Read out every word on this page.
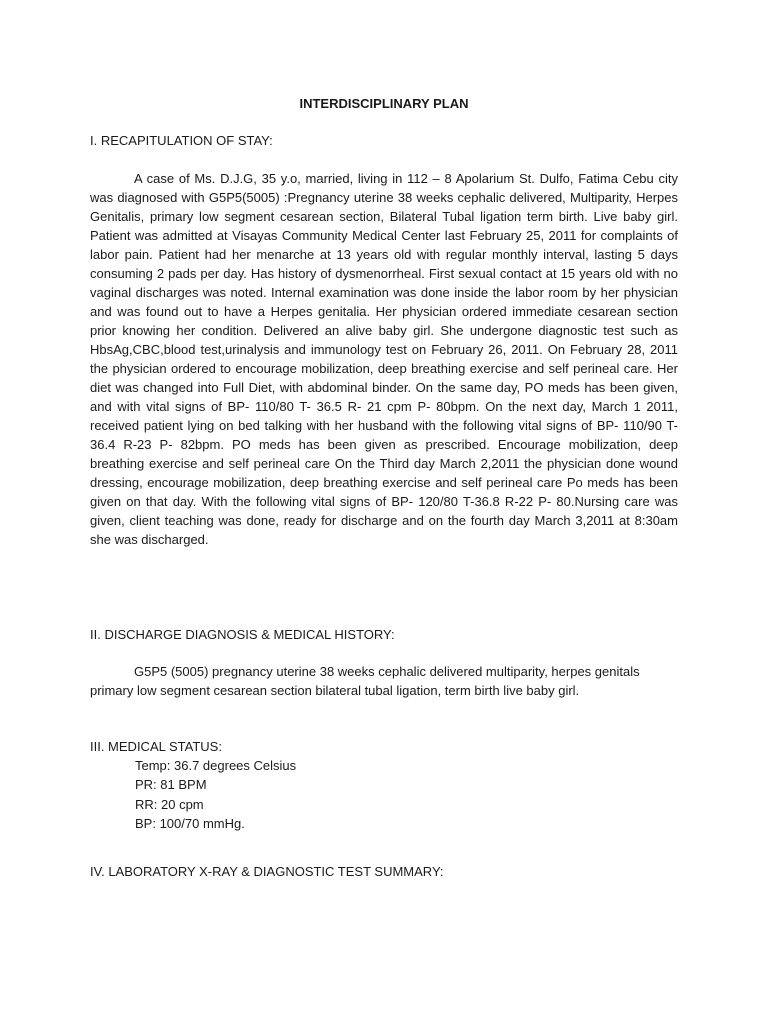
INTERDISCIPLINARY PLAN
I. RECAPITULATION OF STAY:

A case of Ms. D.J.G, 35 y.o, married, living in 112 – 8 Apolarium St. Dulfo, Fatima Cebu city was diagnosed with G5P5(5005) :Pregnancy uterine 38 weeks cephalic delivered, Multiparity, Herpes Genitalis, primary low segment cesarean section, Bilateral Tubal ligation term birth. Live baby girl. Patient was admitted at Visayas Community Medical Center last February 25, 2011 for complaints of labor pain. Patient had her menarche at 13 years old with regular monthly interval, lasting 5 days consuming 2 pads per day. Has history of dysmenorrheal. First sexual contact at 15 years old with no vaginal discharges was noted. Internal examination was done inside the labor room by her physician and was found out to have a Herpes genitalia. Her physician ordered immediate cesarean section prior knowing her condition. Delivered an alive baby girl. She undergone diagnostic test such as HbsAg,CBC,blood test,urinalysis and immunology test on February 26, 2011. On February 28, 2011 the physician ordered to encourage mobilization, deep breathing exercise and self perineal care. Her diet was changed into Full Diet, with abdominal binder. On the same day, PO meds has been given, and with vital signs of BP- 110/80 T- 36.5 R- 21 cpm P- 80bpm. On the next day, March 1 2011, received patient lying on bed talking with her husband with the following vital signs of BP- 110/90 T-36.4 R-23 P- 82bpm. PO meds has been given as prescribed. Encourage mobilization, deep breathing exercise and self perineal care On the Third day March 2,2011 the physician done wound dressing, encourage mobilization, deep breathing exercise and self perineal care Po meds has been given on that day. With the following vital signs of BP- 120/80 T-36.8 R-22 P- 80.Nursing care was given, client teaching was done, ready for discharge and on the fourth day March 3,2011 at 8:30am she was discharged.

II. DISCHARGE DIAGNOSIS & MEDICAL HISTORY:

G5P5 (5005) pregnancy uterine 38 weeks cephalic delivered multiparity, herpes genitals primary low segment cesarean section bilateral tubal ligation, term birth live baby girl.

III. MEDICAL STATUS:
Temp: 36.7 degrees Celsius
PR: 81 BPM
RR: 20 cpm
BP: 100/70 mmHg.
IV. LABORATORY X-RAY & DIAGNOSTIC TEST SUMMARY:
